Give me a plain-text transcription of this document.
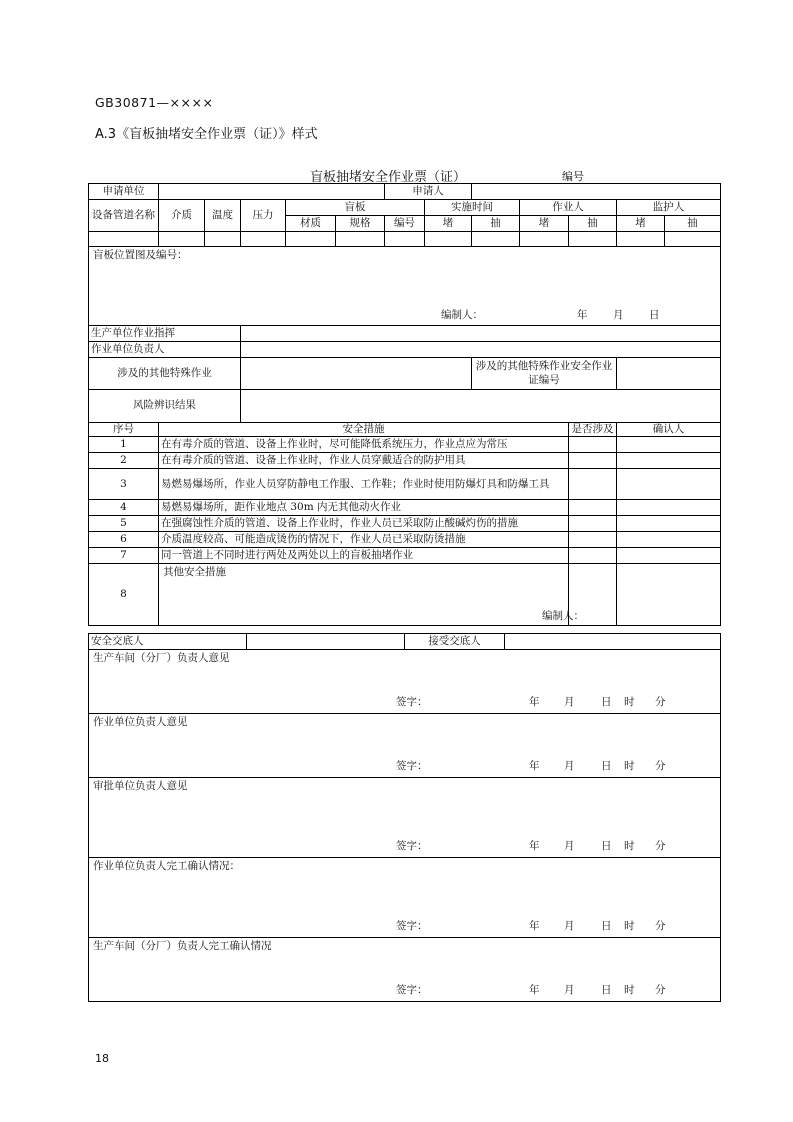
GB30871—××××
A.3《盲板抽堵安全作业票（证）》样式
盲板抽堵安全作业票（证）	编号
申请单位						申请人						
设备管道名称	介质	温度	压力	盲板			实施时间		作业人		监护人	
				材质	规格	编号	堵	抽	堵	抽	堵	抽

盲板位置图及编号：
编制人： 年 月 日												

生产单位作业指挥												
作业单位负责人												
涉及的其他特殊作业								涉及的其他特殊作业安全作业证编号				
风险辨识结果												
序号	安全措施									是否涉及	确认人	
1	在有毒介质的管道、设备上作业时，尽可能降低系统压力，作业点应为常压											
2	在有毒介质的管道、设备上作业时，作业人员穿戴适合的防护用具											
3	易燃易爆场所，作业人员穿防静电工作服、工作鞋；作业时使用防爆灯具和防爆工具											
4	易燃易爆场所，距作业地点 30m 内无其他动火作业											
5	在强腐蚀性介质的管道、设备上作业时，作业人员已采取防止酸碱灼伤的措施											
6	介质温度较高、可能造成烫伤的情况下，作业人员已采取防烫措施											
7	同一管道上不同时进行两处及两处以上的盲板抽堵作业											
8	其他安全措施
编制人：											

安全交底人		接受交底人	

生产车间（分厂）负责人意见
签字：	年 月	日 时 分

作业单位负责人意见
签字：	年 月	日 时 分

审批单位负责人意见
签字：	年 月	日 时 分

作业单位负责人完工确认情况：
签字：	年 月	日 时 分

生产车间（分厂）负责人完工确认情况
签字：	年 月	日 时 分
18
